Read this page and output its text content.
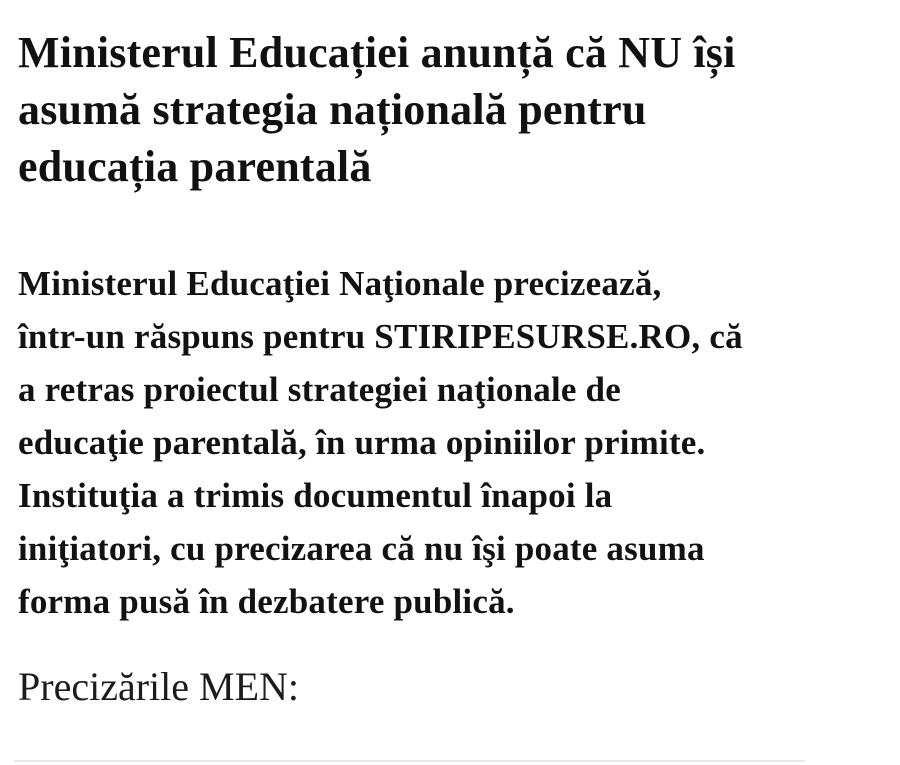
Ministerul Educației anunță că NU își
asumă strategia națională pentru
educația parentală

Ministerul Educaţiei Naţionale precizează,
într-un răspuns pentru STIRIPESURSE.RO, că
a retras proiectul strategiei naţionale de
educaţie parentală, în urma opiniilor primite.
Instituţia a trimis documentul înapoi la
iniţiatori, cu precizarea că nu îşi poate asuma
forma pusă în dezbatere publică.

Precizările MEN:
